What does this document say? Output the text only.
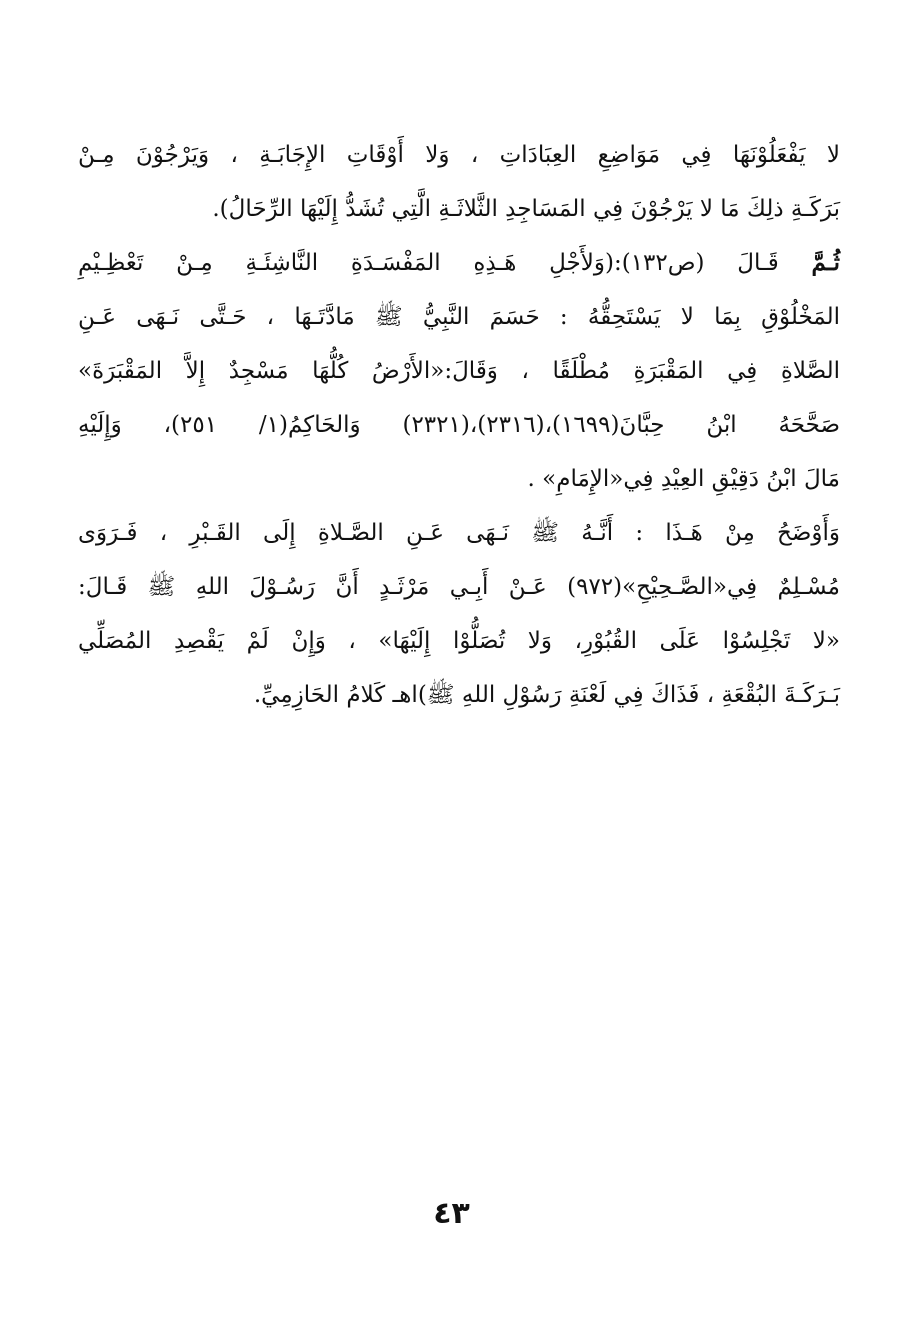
لا يَفْعَلُوْنَهَا فِي مَوَاضِعِ العِبَادَاتِ ، وَلا أَوْقَاتِ الإِجَابَـةِ ، وَيَرْجُوْنَ مِـنْ
بَرَكَـةِ ذلِكَ مَا لا يَرْجُوْنَ فِي المَسَاجِدِ الثَّلاثَـةِ الَّتِي تُشَدُّ إِلَيْهَا الرِّحَالُ).
ثُـمَّ قَـالَ (ص١٣٢):(وَلأَجْلِ هَـذِهِ المَفْسَـدَةِ النَّاشِئَـةِ مِـنْ تَعْظِـيْمِ
المَخْلُوْقِ بِمَا لا يَسْتَحِقُّهُ : حَسَمَ النَّبِيُّ ﷺ مَادَّتَـهَا ، حَـتَّى نَـهَى عَـنِ
الصَّلاةِ فِي المَقْبَرَةِ مُطْلَقًا ، وَقَالَ:«الأَرْضُ كُلُّهَا مَسْجِدٌ إِلاَّ المَقْبَرَةَ»
صَحَّحَهُ ابْنُ حِبَّانَ(١٦٩٩)،(٢٣١٦)،(٢٣٢١) وَالحَاكِمُ(١/ ٢٥١)، وَإِلَيْهِ
مَالَ ابْنُ دَقِيْقِ العِيْدِ فِي«الإِمَامِ» .
وَأَوْضَحُ مِنْ هَـذَا : أَنَّـهُ ﷺ نَـهَى عَـنِ الصَّـلاةِ إِلَى القَـبْرِ ، فَـرَوَى
مُسْـلِمٌ فِي«الصَّـحِيْحِ»(٩٧٢) عَـنْ أَبِـي مَرْثَـدٍ أَنَّ رَسُـوْلَ اللهِ ﷺ قَـالَ:
«لا تَجْلِسُوْا عَلَى القُبُوْرِ، وَلا تُصَلُّوْا إِلَيْهَا» ، وَإِنْ لَمْ يَقْصِدِ المُصَلِّي
بَـرَكَـةَ البُقْعَةِ ، فَذَاكَ فِي لَعْنَةِ رَسُوْلِ اللهِ ﷺ)اهـ كَلامُ الحَازِمِيِّ.
٤٣
